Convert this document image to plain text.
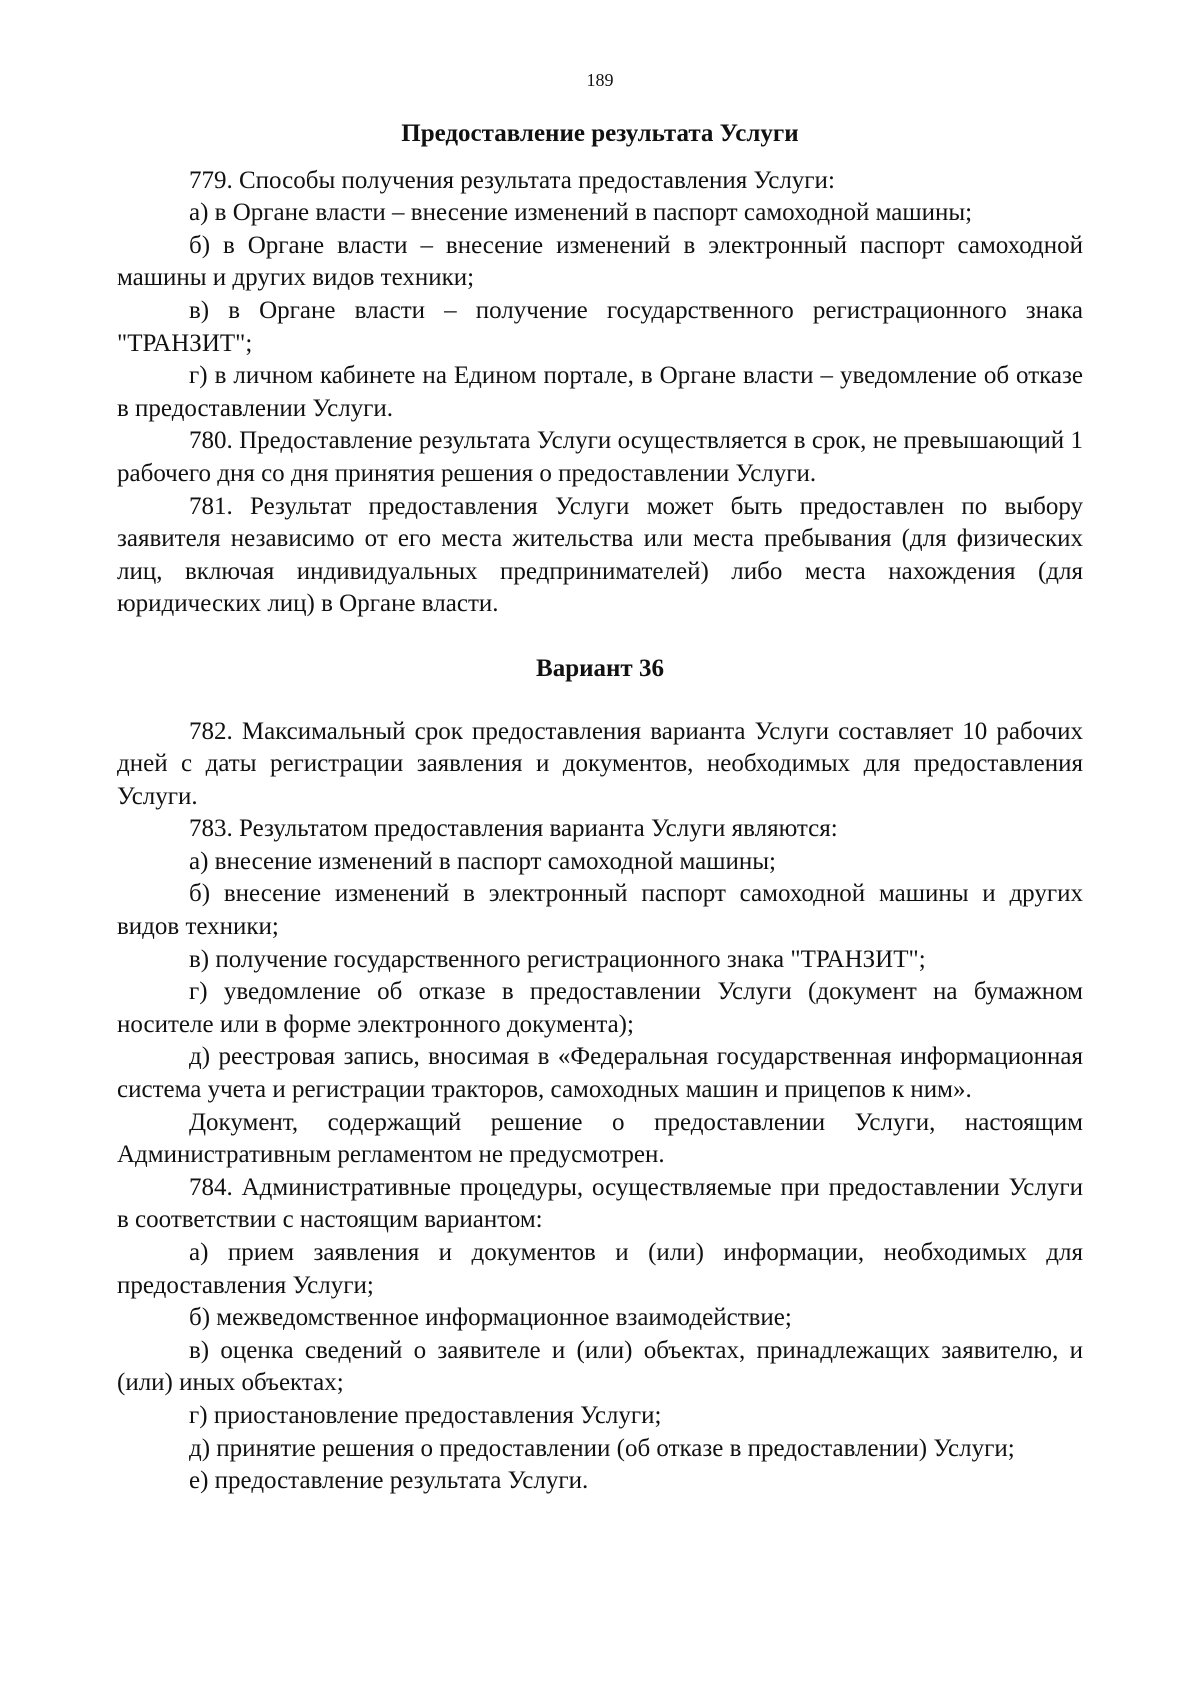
189
Предоставление результата Услуги

779. Способы получения результата предоставления Услуги:

а) в Органе власти – внесение изменений в паспорт самоходной машины;

б) в Органе власти – внесение изменений в электронный паспорт самоходной машины и других видов техники;

в) в Органе власти – получение государственного регистрационного знака "ТРАНЗИТ";

г) в личном кабинете на Едином портале, в Органе власти – уведомление об отказе в предоставлении Услуги.

780. Предоставление результата Услуги осуществляется в срок, не превышающий 1 рабочего дня со дня принятия решения о предоставлении Услуги.

781. Результат предоставления Услуги может быть предоставлен по выбору заявителя независимо от его места жительства или места пребывания (для физических лиц, включая индивидуальных предпринимателей) либо места нахождения (для юридических лиц) в Органе власти.

Вариант 36

782. Максимальный срок предоставления варианта Услуги составляет 10 рабочих дней с даты регистрации заявления и документов, необходимых для предоставления Услуги.

783. Результатом предоставления варианта Услуги являются:

а) внесение изменений в паспорт самоходной машины;

б) внесение изменений в электронный паспорт самоходной машины и других видов техники;

в) получение государственного регистрационного знака "ТРАНЗИТ";

г) уведомление об отказе в предоставлении Услуги (документ на бумажном носителе или в форме электронного документа);

д) реестровая запись, вносимая в «Федеральная государственная информационная система учета и регистрации тракторов, самоходных машин и прицепов к ним».

Документ, содержащий решение о предоставлении Услуги, настоящим Административным регламентом не предусмотрен.

784. Административные процедуры, осуществляемые при предоставлении Услуги в соответствии с настоящим вариантом:

а) прием заявления и документов и (или) информации, необходимых для предоставления Услуги;

б) межведомственное информационное взаимодействие;

в) оценка сведений о заявителе и (или) объектах, принадлежащих заявителю, и (или) иных объектах;

г) приостановление предоставления Услуги;

д) принятие решения о предоставлении (об отказе в предоставлении) Услуги;

е) предоставление результата Услуги.
